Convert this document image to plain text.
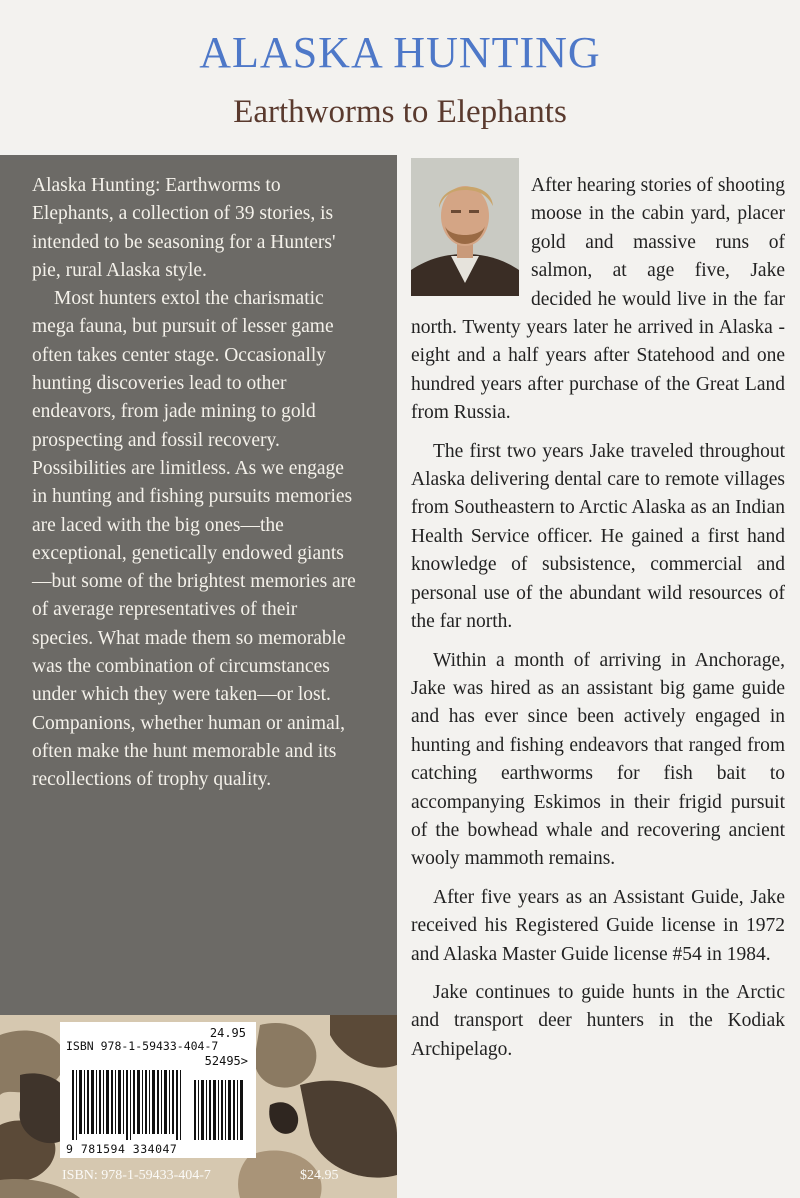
ALASKA HUNTING
Earthworms to Elephants

Alaska Hunting: Earthworms to Elephants, a collection of 39 stories, is intended to be seasoning for a Hunters' pie, rural Alaska style.

Most hunters extol the charismatic mega fauna, but pursuit of lesser game often takes center stage. Occasionally hunting discoveries lead to other endeavors, from jade mining to gold prospecting and fossil recovery. Possibilities are limitless. As we engage in hunting and fishing pursuits memories are laced with the big ones—the exceptional, genetically endowed giants—but some of the brightest memories are of average representatives of their species. What made them so memorable was the combination of circumstances under which they were taken—or lost. Companions, whether human or animal, often make the hunt memorable and its recollections of trophy quality.

24.95
ISBN 978-1-59433-404-7
52495>
9 781594 334047
ISBN: 978-1-59433-404-7	$24.95

After hearing stories of shooting moose in the cabin yard, placer gold and massive runs of salmon, at age five, Jake decided he would live in the far north. Twenty years later he arrived in Alaska - eight and a half years after Statehood and one hundred years after purchase of the Great Land from Russia.

The first two years Jake traveled throughout Alaska delivering dental care to remote villages from Southeastern to Arctic Alaska as an Indian Health Service officer. He gained a first hand knowledge of subsistence, commercial and personal use of the abundant wild resources of the far north.

Within a month of arriving in Anchorage, Jake was hired as an assistant big game guide and has ever since been actively engaged in hunting and fishing endeavors that ranged from catching earthworms for fish bait to accompanying Eskimos in their frigid pursuit of the bowhead whale and recovering ancient wooly mammoth remains.

After five years as an Assistant Guide, Jake received his Registered Guide license in 1972 and Alaska Master Guide license #54 in 1984.

Jake continues to guide hunts in the Arctic and transport deer hunters in the Kodiak Archipelago.
